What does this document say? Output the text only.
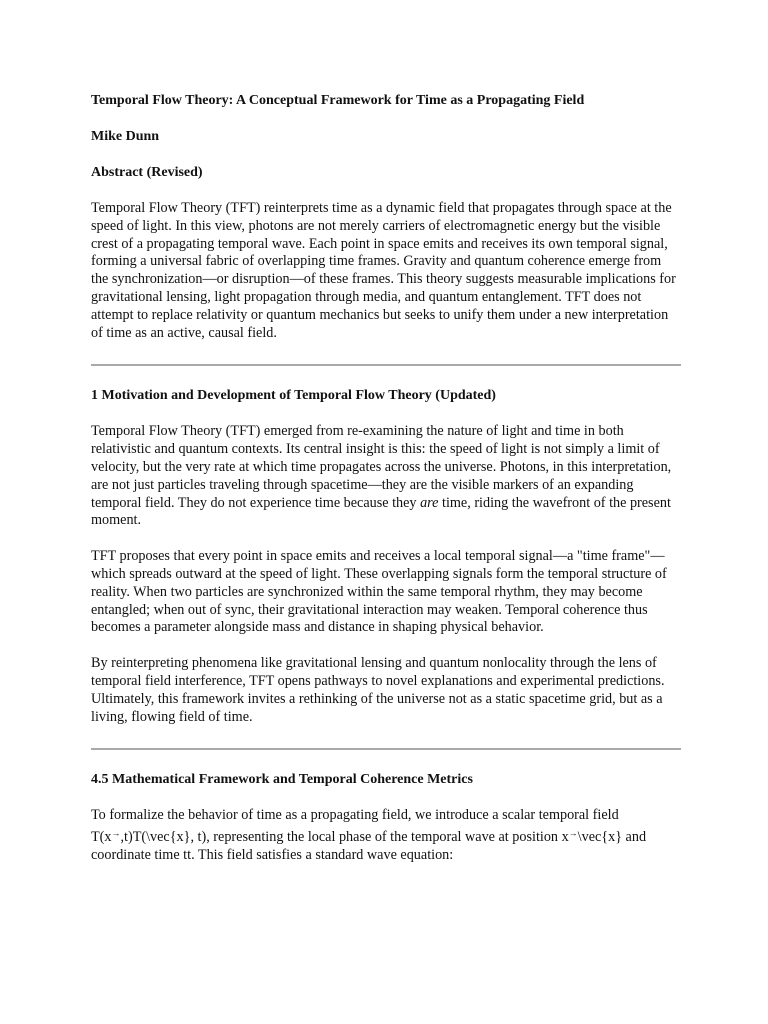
Temporal Flow Theory: A Conceptual Framework for Time as a Propagating Field
Mike Dunn
Abstract (Revised)

Temporal Flow Theory (TFT) reinterprets time as a dynamic field that propagates through space at the speed of light. In this view, photons are not merely carriers of electromagnetic energy but the visible crest of a propagating temporal wave. Each point in space emits and receives its own temporal signal, forming a universal fabric of overlapping time frames. Gravity and quantum coherence emerge from the synchronization—or disruption—of these frames. This theory suggests measurable implications for gravitational lensing, light propagation through media, and quantum entanglement. TFT does not attempt to replace relativity or quantum mechanics but seeks to unify them under a new interpretation of time as an active, causal field.

1 Motivation and Development of Temporal Flow Theory (Updated)

Temporal Flow Theory (TFT) emerged from re-examining the nature of light and time in both relativistic and quantum contexts. Its central insight is this: the speed of light is not simply a limit of velocity, but the very rate at which time propagates across the universe. Photons, in this interpretation, are not just particles traveling through spacetime—they are the visible markers of an expanding temporal field. They do not experience time because they are time, riding the wavefront of the present moment.

TFT proposes that every point in space emits and receives a local temporal signal—a "time frame"—which spreads outward at the speed of light. These overlapping signals form the temporal structure of reality. When two particles are synchronized within the same temporal rhythm, they may become entangled; when out of sync, their gravitational interaction may weaken. Temporal coherence thus becomes a parameter alongside mass and distance in shaping physical behavior.

By reinterpreting phenomena like gravitational lensing and quantum nonlocality through the lens of temporal field interference, TFT opens pathways to novel explanations and experimental predictions. Ultimately, this framework invites a rethinking of the universe not as a static spacetime grid, but as a living, flowing field of time.

4.5 Mathematical Framework and Temporal Coherence Metrics

To formalize the behavior of time as a propagating field, we introduce a scalar temporal field T(x→,t)T(\vec{x}, t), representing the local phase of the temporal wave at position x→\vec{x} and coordinate time tt. This field satisfies a standard wave equation:
